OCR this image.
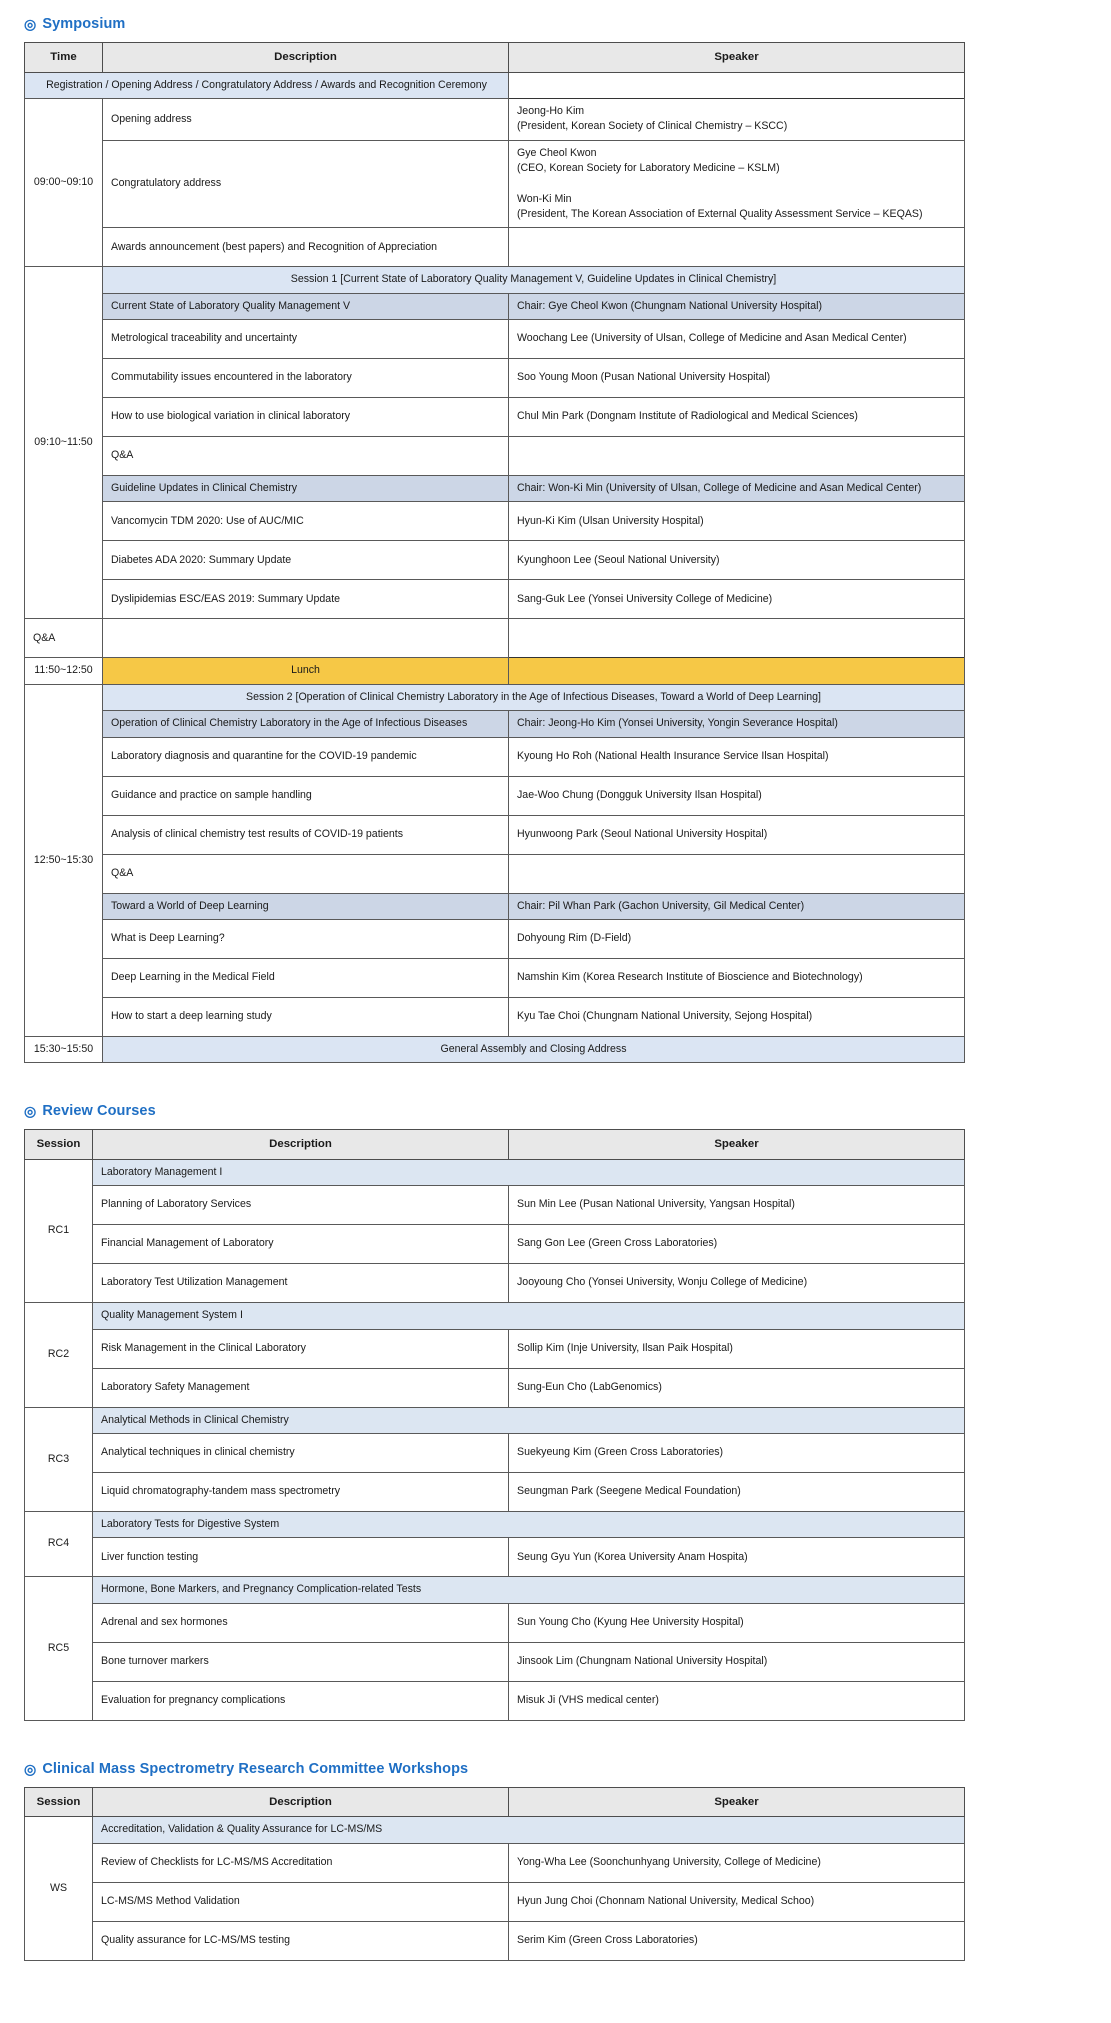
◎ Symposium
Time	Description	Speaker
Registration / Opening Address / Congratulatory Address / Awards and Recognition Ceremony		
09:00~09:10	Opening address	Jeong-Ho Kim
(President, Korean Society of Clinical Chemistry – KSCC)
	Congratulatory address	Gye Cheol Kwon
(CEO, Korean Society for Laboratory Medicine – KSLM)

Won-Ki Min
(President, The Korean Association of External Quality Assessment Service – KEQAS)
	Awards announcement (best papers) and Recognition of Appreciation	
09:10~11:50	Session 1 [Current State of Laboratory Quality Management V, Guideline Updates in Clinical Chemistry]	
	Current State of Laboratory Quality Management V	Chair: Gye Cheol Kwon (Chungnam National University Hospital)
	Metrological traceability and uncertainty	Woochang Lee (University of Ulsan, College of Medicine and Asan Medical Center)
	Commutability issues encountered in the laboratory	Soo Young Moon (Pusan National University Hospital)
	How to use biological variation in clinical laboratory	Chul Min Park (Dongnam Institute of Radiological and Medical Sciences)
	Q&A	
	Guideline Updates in Clinical Chemistry	Chair: Won-Ki Min (University of Ulsan, College of Medicine and Asan Medical Center)
	Vancomycin TDM 2020: Use of AUC/MIC	Hyun-Ki Kim (Ulsan University Hospital)
	Diabetes ADA 2020: Summary Update	Kyunghoon Lee (Seoul National University)
	Dyslipidemias ESC/EAS 2019: Summary Update	Sang-Guk Lee (Yonsei University College of Medicine)
Q&A		
11:50~12:50	Lunch	
12:50~15:30	Session 2 [Operation of Clinical Chemistry Laboratory in the Age of Infectious Diseases, Toward a World of Deep Learning]	
	Operation of Clinical Chemistry Laboratory in the Age of Infectious Diseases	Chair: Jeong-Ho Kim (Yonsei University, Yongin Severance Hospital)
	Laboratory diagnosis and quarantine for the COVID-19 pandemic	Kyoung Ho Roh (National Health Insurance Service Ilsan Hospital)
	Guidance and practice on sample handling	Jae-Woo Chung (Dongguk University Ilsan Hospital)
	Analysis of clinical chemistry test results of COVID-19 patients	Hyunwoong Park (Seoul National University Hospital)
	Q&A	
	Toward a World of Deep Learning	Chair: Pil Whan Park (Gachon University, Gil Medical Center)
	What is Deep Learning?	Dohyoung Rim (D-Field)
	Deep Learning in the Medical Field	Namshin Kim (Korea Research Institute of Bioscience and Biotechnology)
	How to start a deep learning study	Kyu Tae Choi (Chungnam National University, Sejong Hospital)
15:30~15:50	General Assembly and Closing Address	
◎ Review Courses
Session	Description	Speaker
RC1	Laboratory Management I	
	Planning of Laboratory Services	Sun Min Lee (Pusan National University, Yangsan Hospital)
	Financial Management of Laboratory	Sang Gon Lee (Green Cross Laboratories)
	Laboratory Test Utilization Management	Jooyoung Cho (Yonsei University, Wonju College of Medicine)
RC2	Quality Management System I	
	Risk Management in the Clinical Laboratory	Sollip Kim (Inje University, Ilsan Paik Hospital)
	Laboratory Safety Management	Sung-Eun Cho (LabGenomics)
RC3	Analytical Methods in Clinical Chemistry	
	Analytical techniques in clinical chemistry	Suekyeung Kim (Green Cross Laboratories)
	Liquid chromatography-tandem mass spectrometry	Seungman Park (Seegene Medical Foundation)
RC4	Laboratory Tests for Digestive System	
	Liver function testing	Seung Gyu Yun (Korea University Anam Hospita)
RC5	Hormone, Bone Markers, and Pregnancy Complication-related Tests	
	Adrenal and sex hormones	Sun Young Cho (Kyung Hee University Hospital)
	Bone turnover markers	Jinsook Lim (Chungnam National University Hospital)
	Evaluation for pregnancy complications	Misuk Ji (VHS medical center)
◎ Clinical Mass Spectrometry Research Committee Workshops
Session	Description	Speaker
WS	Accreditation, Validation & Quality Assurance for LC-MS/MS	
	Review of Checklists for LC-MS/MS Accreditation	Yong-Wha Lee (Soonchunhyang University, College of Medicine)
	LC-MS/MS Method Validation	Hyun Jung Choi (Chonnam National University, Medical Schoo)
	Quality assurance for LC-MS/MS testing	Serim Kim (Green Cross Laboratories)
